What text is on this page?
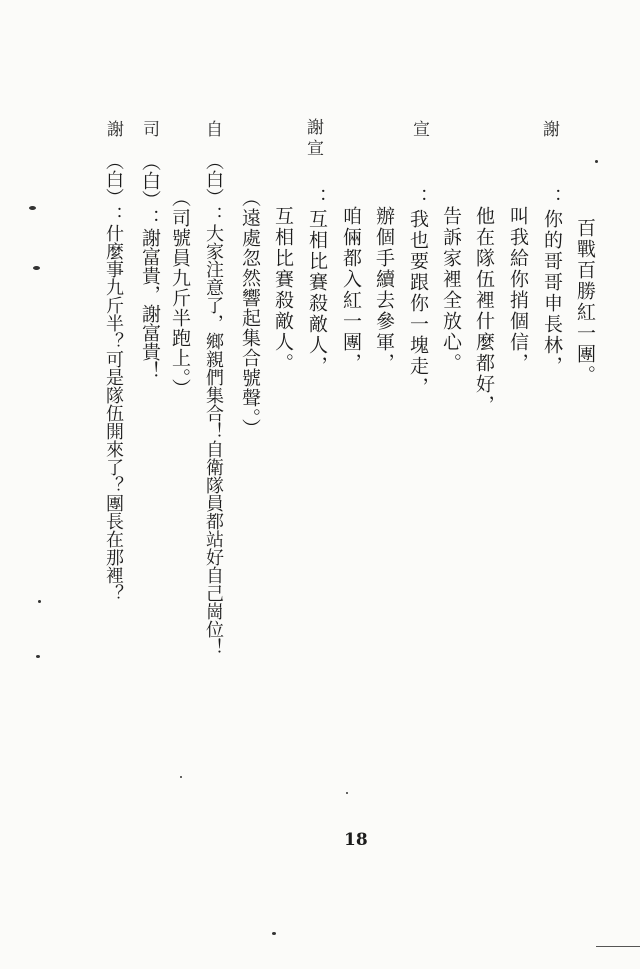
謝
宣
謝宣
自
司
謝
百戰百勝紅一團。
：你的哥哥申長林，
叫我給你捎個信，
他在隊伍裡什麼都好，
告訴家裡全放心。
：我也要跟你一塊走，
辦個手續去參軍，
咱倆都入紅一團，
：互相比賽殺敵人，
互相比賽殺敵人。
（遠處忽然響起集合號聲。）
（白）：大家注意了，鄉親們集合！自衛隊員都站好自己崗位！
（司號員九斤半跑上。）
（白）：謝富貴，謝富貴！
（白）：什麼事九斤半？可是隊伍開來了？團長在那裡？
18
